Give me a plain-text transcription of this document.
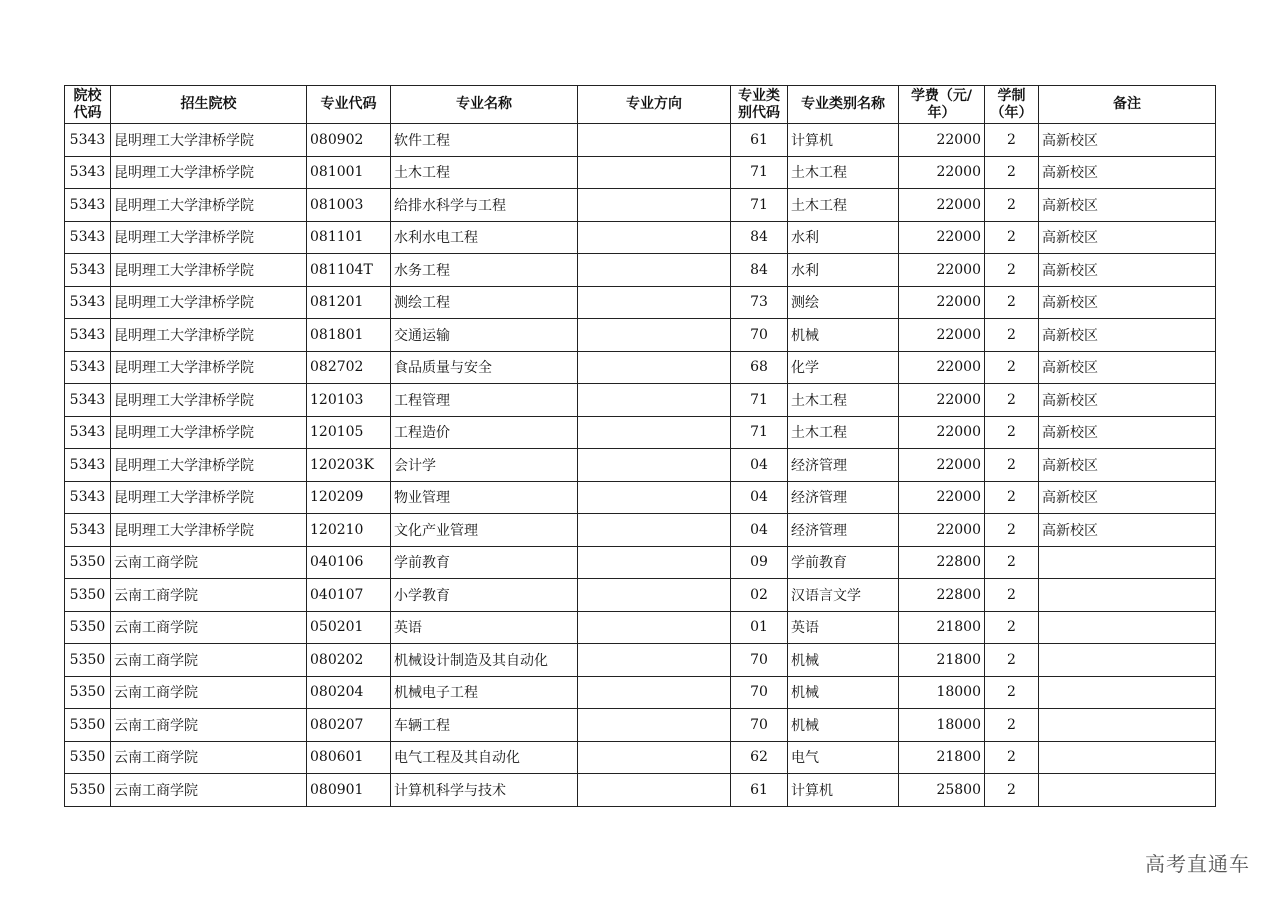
院校代码	招生院校	专业代码	专业名称	专业方向	专业类别代码	专业类别名称	学费（元/年）	学制（年）	备注
5343	昆明理工大学津桥学院	080902	软件工程		61	计算机	22000	2	高新校区
5343	昆明理工大学津桥学院	081001	土木工程		71	土木工程	22000	2	高新校区
5343	昆明理工大学津桥学院	081003	给排水科学与工程		71	土木工程	22000	2	高新校区
5343	昆明理工大学津桥学院	081101	水利水电工程		84	水利	22000	2	高新校区
5343	昆明理工大学津桥学院	081104T	水务工程		84	水利	22000	2	高新校区
5343	昆明理工大学津桥学院	081201	测绘工程		73	测绘	22000	2	高新校区
5343	昆明理工大学津桥学院	081801	交通运输		70	机械	22000	2	高新校区
5343	昆明理工大学津桥学院	082702	食品质量与安全		68	化学	22000	2	高新校区
5343	昆明理工大学津桥学院	120103	工程管理		71	土木工程	22000	2	高新校区
5343	昆明理工大学津桥学院	120105	工程造价		71	土木工程	22000	2	高新校区
5343	昆明理工大学津桥学院	120203K	会计学		04	经济管理	22000	2	高新校区
5343	昆明理工大学津桥学院	120209	物业管理		04	经济管理	22000	2	高新校区
5343	昆明理工大学津桥学院	120210	文化产业管理		04	经济管理	22000	2	高新校区
5350	云南工商学院	040106	学前教育		09	学前教育	22800	2	
5350	云南工商学院	040107	小学教育		02	汉语言文学	22800	2	
5350	云南工商学院	050201	英语		01	英语	21800	2	
5350	云南工商学院	080202	机械设计制造及其自动化		70	机械	21800	2	
5350	云南工商学院	080204	机械电子工程		70	机械	18000	2	
5350	云南工商学院	080207	车辆工程		70	机械	18000	2	
5350	云南工商学院	080601	电气工程及其自动化		62	电气	21800	2	
5350	云南工商学院	080901	计算机科学与技术		61	计算机	25800	2	
高考直通车
